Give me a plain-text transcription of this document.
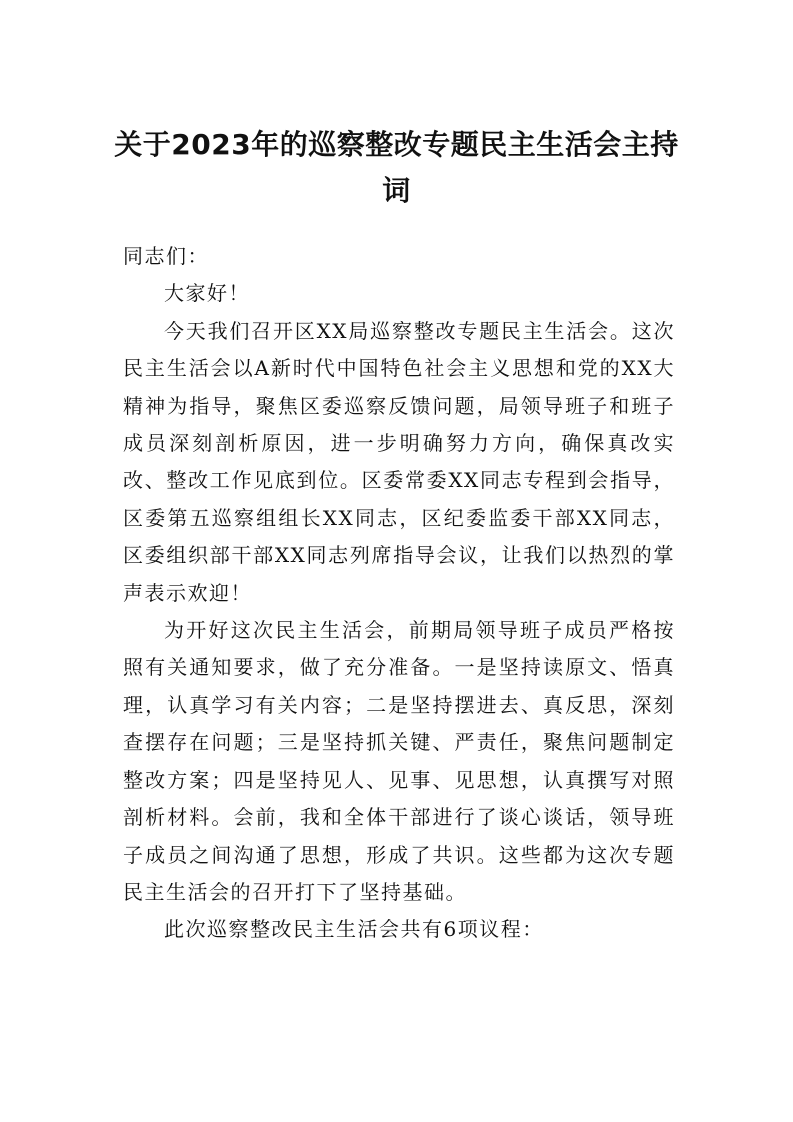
关于2023年的巡察整改专题民主生活会主持词

同志们：

大家好！

今天我们召开区XX局巡察整改专题民主生活会。这次民主生活会以A新时代中国特色社会主义思想和党的XX大精神为指导，聚焦区委巡察反馈问题，局领导班子和班子成员深刻剖析原因，进一步明确努力方向，确保真改实改、整改工作见底到位。区委常委XX同志专程到会指导，区委第五巡察组组长XX同志，区纪委监委干部XX同志，区委组织部干部XX同志列席指导会议，让我们以热烈的掌声表示欢迎！

为开好这次民主生活会，前期局领导班子成员严格按照有关通知要求，做了充分准备。一是坚持读原文、悟真理，认真学习有关内容；二是坚持摆进去、真反思，深刻查摆存在问题；三是坚持抓关键、严责任，聚焦问题制定整改方案；四是坚持见人、见事、见思想，认真撰写对照剖析材料。会前，我和全体干部进行了谈心谈话，领导班子成员之间沟通了思想，形成了共识。这些都为这次专题民主生活会的召开打下了坚持基础。

此次巡察整改民主生活会共有6项议程：
